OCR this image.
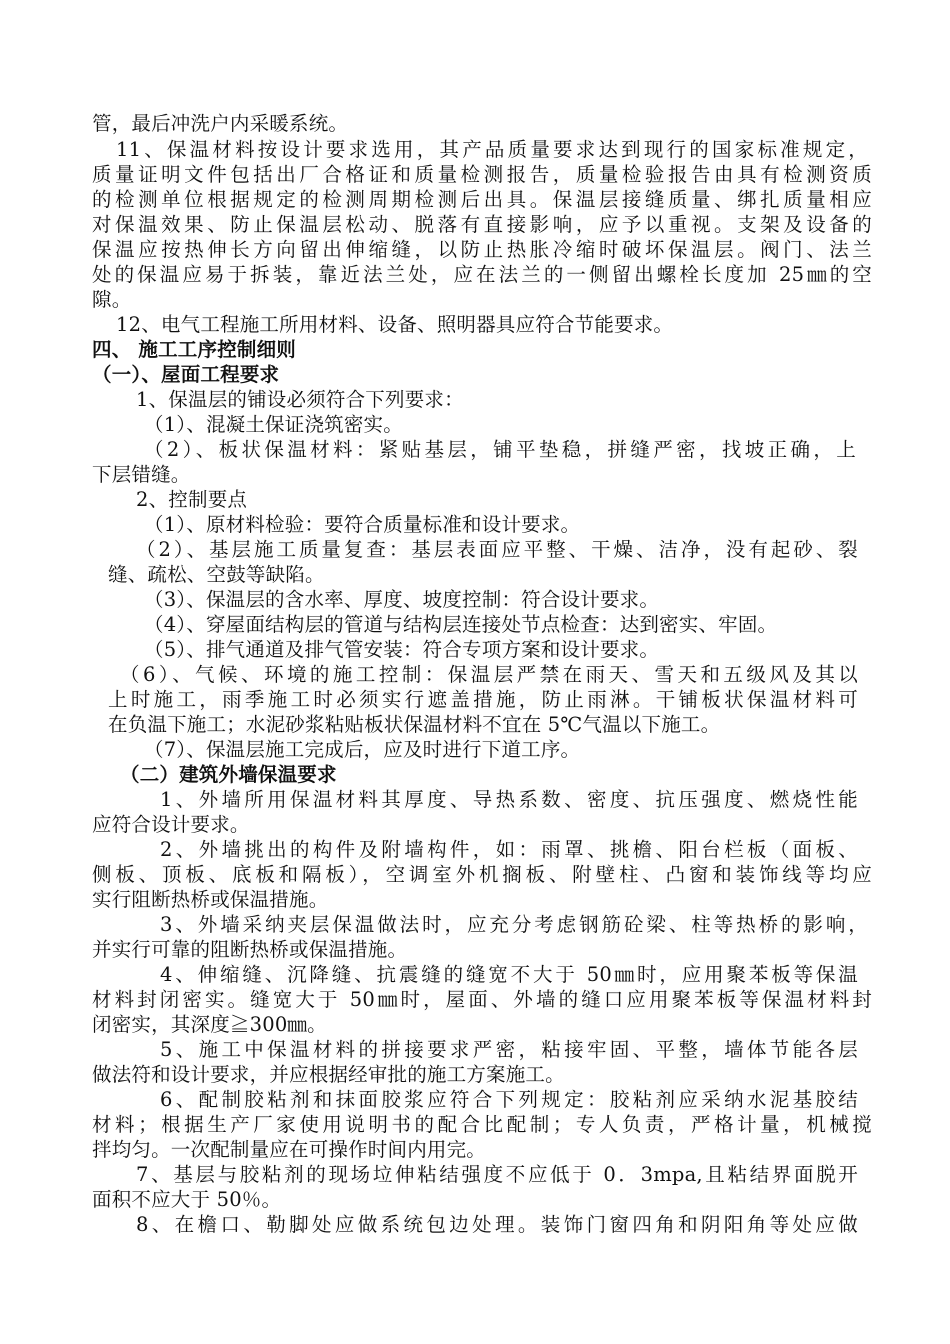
管，最后冲洗户内采暖系统。
11、保温材料按设计要求选用，其产品质量要求达到现行的国家标准规定，
质量证明文件包括出厂合格证和质量检测报告，质量检验报告由具有检测资质
的检测单位根据规定的检测周期检测后出具。保温层接缝质量、绑扎质量相应
对保温效果、防止保温层松动、脱落有直接影响，应予以重视。支架及设备的
保温应按热伸长方向留出伸缩缝，以防止热胀冷缩时破坏保温层。阀门、法兰
处的保温应易于拆装，靠近法兰处，应在法兰的一侧留出螺栓长度加 25㎜的空
隙。
12、电气工程施工所用材料、设备、照明器具应符合节能要求。
四、 施工工序控制细则
（一）、屋面工程要求
1、保温层的铺设必须符合下列要求：
（1）、混凝土保证浇筑密实。
（2）、板状保温材料：紧贴基层，铺平垫稳，拼缝严密，找坡正确，上
下层错缝。
2、控制要点
（1）、原材料检验：要符合质量标准和设计要求。
（2）、基层施工质量复查：基层表面应平整、干燥、洁净，没有起砂、裂
缝、疏松、空鼓等缺陷。
（3）、保温层的含水率、厚度、坡度控制：符合设计要求。
（4）、穿屋面结构层的管道与结构层连接处节点检查：达到密实、牢固。
（5）、排气通道及排气管安装：符合专项方案和设计要求。
（6）、气候、环境的施工控制：保温层严禁在雨天、雪天和五级风及其以
上时施工，雨季施工时必须实行遮盖措施，防止雨淋。干铺板状保温材料可
在负温下施工；水泥砂浆粘贴板状保温材料不宜在 5℃气温以下施工。
（7）、保温层施工完成后，应及时进行下道工序。
（二）建筑外墙保温要求
1、外墙所用保温材料其厚度、导热系数、密度、抗压强度、燃烧性能
应符合设计要求。
2、外墙挑出的构件及附墙构件，如：雨罩、挑檐、阳台栏板（面板、
侧板、顶板、底板和隔板），空调室外机搁板、附壁柱、凸窗和装饰线等均应
实行阻断热桥或保温措施。
3、外墙采纳夹层保温做法时，应充分考虑钢筋砼梁、柱等热桥的影响，
并实行可靠的阻断热桥或保温措施。
4、伸缩缝、沉降缝、抗震缝的缝宽不大于 50㎜时，应用聚苯板等保温
材料封闭密实。缝宽大于 50㎜时，屋面、外墙的缝口应用聚苯板等保温材料封
闭密实，其深度≧300㎜。
5、施工中保温材料的拼接要求严密，粘接牢固、平整，墙体节能各层
做法符和设计要求，并应根据经审批的施工方案施工。
6、配制胶粘剂和抹面胶浆应符合下列规定：胶粘剂应采纳水泥基胶结
材料；根据生产厂家使用说明书的配合比配制；专人负责，严格计量，机械搅
拌均匀。一次配制量应在可操作时间内用完。
7、基层与胶粘剂的现场垃伸粘结强度不应低于 0．3mpa,且粘结界面脱开
面积不应大于 50％。
8、在檐口、勒脚处应做系统包边处理。装饰门窗四角和阴阳角等处应做
